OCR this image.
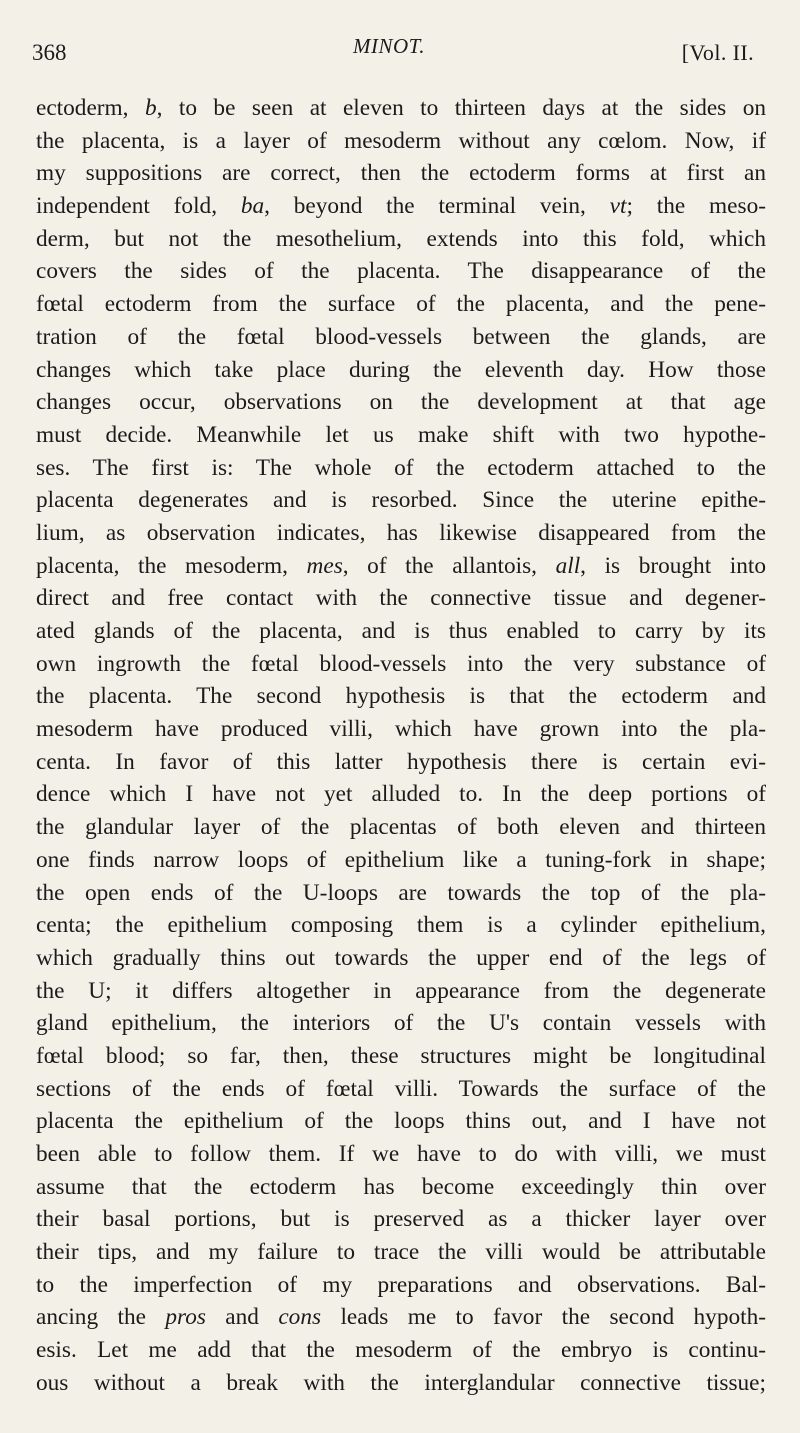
368	MINOT.	[Vol. II.
ectoderm, b, to be seen at eleven to thirteen days at the sides on
the placenta, is a layer of mesoderm without any cœlom. Now, if
my suppositions are correct, then the ectoderm forms at first an
independent fold, ba, beyond the terminal vein, vt; the meso-
derm, but not the mesothelium, extends into this fold, which
covers the sides of the placenta. The disappearance of the
fœtal ectoderm from the surface of the placenta, and the pene-
tration of the fœtal blood-vessels between the glands, are
changes which take place during the eleventh day. How those
changes occur, observations on the development at that age
must decide. Meanwhile let us make shift with two hypothe-
ses. The first is: The whole of the ectoderm attached to the
placenta degenerates and is resorbed. Since the uterine epithe-
lium, as observation indicates, has likewise disappeared from the
placenta, the mesoderm, mes, of the allantois, all, is brought into
direct and free contact with the connective tissue and degener-
ated glands of the placenta, and is thus enabled to carry by its
own ingrowth the fœtal blood-vessels into the very substance of
the placenta. The second hypothesis is that the ectoderm and
mesoderm have produced villi, which have grown into the pla-
centa. In favor of this latter hypothesis there is certain evi-
dence which I have not yet alluded to. In the deep portions of
the glandular layer of the placentas of both eleven and thirteen
one finds narrow loops of epithelium like a tuning-fork in shape;
the open ends of the U-loops are towards the top of the pla-
centa; the epithelium composing them is a cylinder epithelium,
which gradually thins out towards the upper end of the legs of
the U; it differs altogether in appearance from the degenerate
gland epithelium, the interiors of the U's contain vessels with
fœtal blood; so far, then, these structures might be longitudinal
sections of the ends of fœtal villi. Towards the surface of the
placenta the epithelium of the loops thins out, and I have not
been able to follow them. If we have to do with villi, we must
assume that the ectoderm has become exceedingly thin over
their basal portions, but is preserved as a thicker layer over
their tips, and my failure to trace the villi would be attributable
to the imperfection of my preparations and observations. Bal-
ancing the pros and cons leads me to favor the second hypoth-
esis. Let me add that the mesoderm of the embryo is continu-
ous without a break with the interglandular connective tissue;
